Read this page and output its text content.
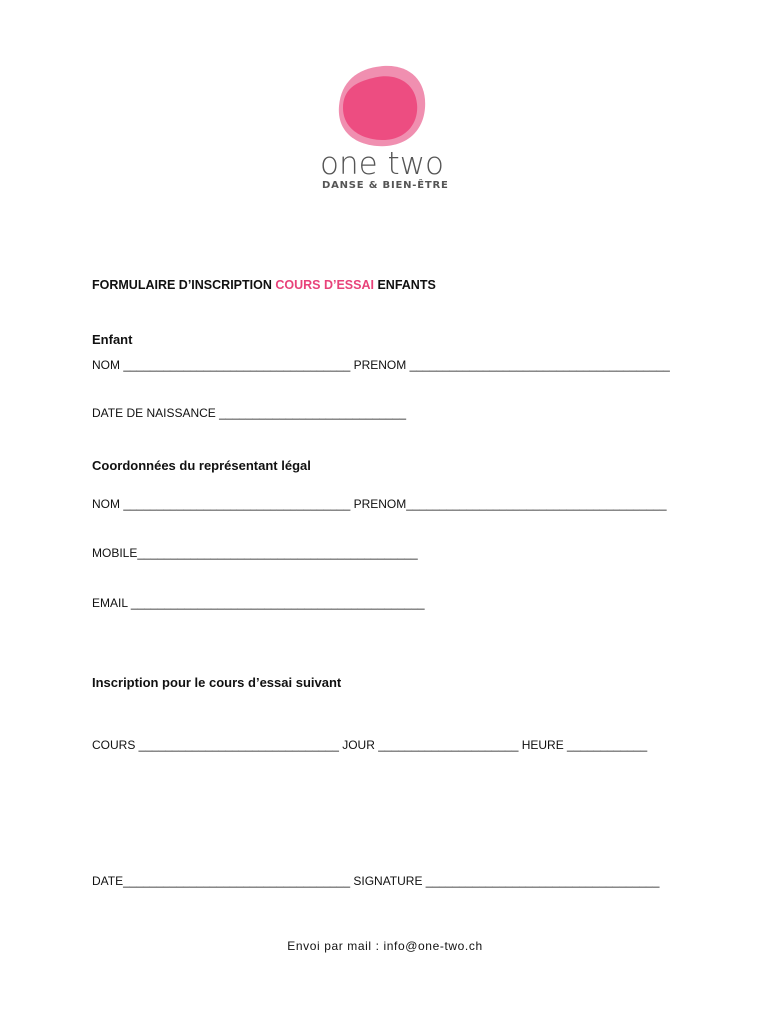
one two
DANSE & BIEN-ÊTRE
FORMULAIRE D’INSCRIPTION COURS D’ESSAI ENFANTS
Enfant
NOM __________________________________ PRENOM _______________________________________
DATE DE NAISSANCE ____________________________
Coordonnées du représentant légal
NOM __________________________________ PRENOM_______________________________________
MOBILE__________________________________________
EMAIL ____________________________________________
Inscription pour le cours d’essai suivant
COURS ______________________________ JOUR _____________________ HEURE ____________
DATE__________________________________ SIGNATURE ___________________________________
Envoi par mail : info@one-two.ch
